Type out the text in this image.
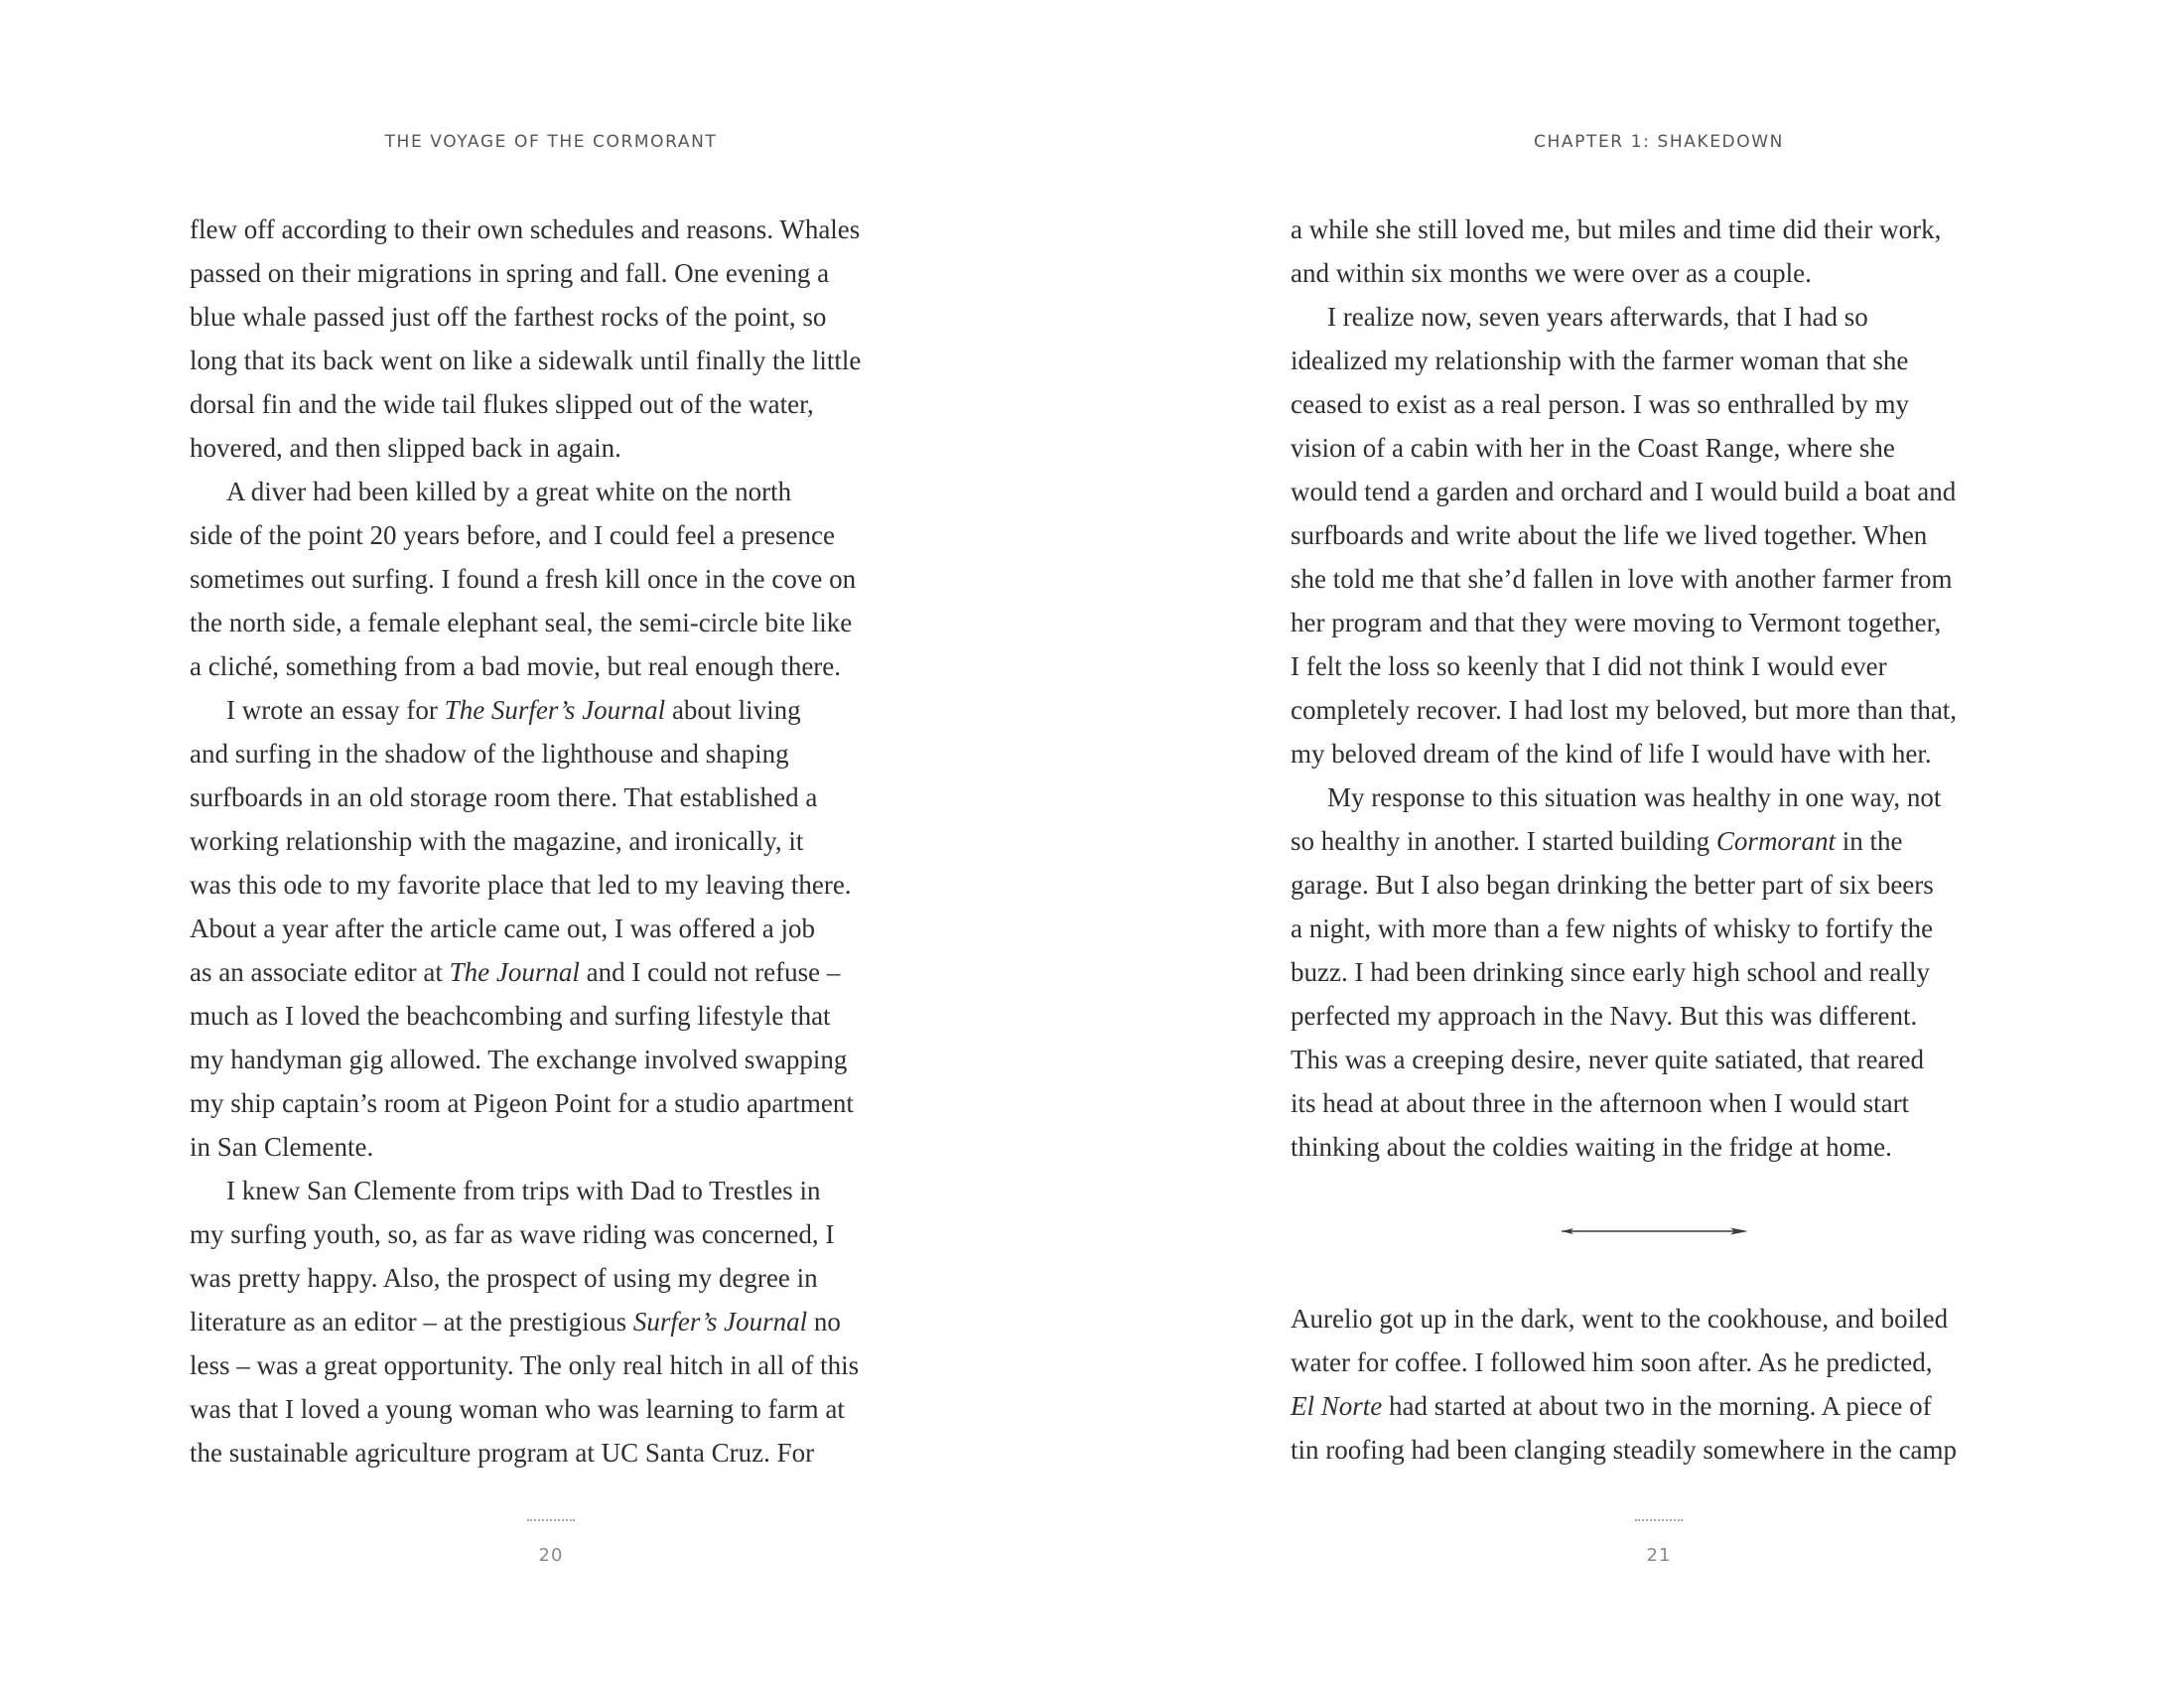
THE VOYAGE OF THE CORMORANT
flew off according to their own schedules and reasons. Whales
passed on their migrations in spring and fall. One evening a
blue whale passed just off the farthest rocks of the point, so
long that its back went on like a sidewalk until finally the little
dorsal fin and the wide tail flukes slipped out of the water,
hovered, and then slipped back in again.
A diver had been killed by a great white on the north
side of the point 20 years before, and I could feel a presence
sometimes out surfing. I found a fresh kill once in the cove on
the north side, a female elephant seal, the semi-circle bite like
a cliché, something from a bad movie, but real enough there.
I wrote an essay for The Surfer’s Journal about living
and surfing in the shadow of the lighthouse and shaping
surfboards in an old storage room there. That established a
working relationship with the magazine, and ironically, it
was this ode to my favorite place that led to my leaving there.
About a year after the article came out, I was offered a job
as an associate editor at The Journal and I could not refuse –
much as I loved the beachcombing and surfing lifestyle that
my handyman gig allowed. The exchange involved swapping
my ship captain’s room at Pigeon Point for a studio apartment
in San Clemente.
I knew San Clemente from trips with Dad to Trestles in
my surfing youth, so, as far as wave riding was concerned, I
was pretty happy. Also, the prospect of using my degree in
literature as an editor – at the prestigious Surfer’s Journal no
less – was a great opportunity. The only real hitch in all of this
was that I loved a young woman who was learning to farm at
the sustainable agriculture program at UC Santa Cruz. For
20
CHAPTER 1: SHAKEDOWN
a while she still loved me, but miles and time did their work,
and within six months we were over as a couple.
I realize now, seven years afterwards, that I had so
idealized my relationship with the farmer woman that she
ceased to exist as a real person. I was so enthralled by my
vision of a cabin with her in the Coast Range, where she
would tend a garden and orchard and I would build a boat and
surfboards and write about the life we lived together. When
she told me that she’d fallen in love with another farmer from
her program and that they were moving to Vermont together,
I felt the loss so keenly that I did not think I would ever
completely recover. I had lost my beloved, but more than that,
my beloved dream of the kind of life I would have with her.
My response to this situation was healthy in one way, not
so healthy in another. I started building Cormorant in the
garage. But I also began drinking the better part of six beers
a night, with more than a few nights of whisky to fortify the
buzz. I had been drinking since early high school and really
perfected my approach in the Navy. But this was different.
This was a creeping desire, never quite satiated, that reared
its head at about three in the afternoon when I would start
thinking about the coldies waiting in the fridge at home.
Aurelio got up in the dark, went to the cookhouse, and boiled
water for coffee. I followed him soon after. As he predicted,
El Norte had started at about two in the morning. A piece of
tin roofing had been clanging steadily somewhere in the camp
21
